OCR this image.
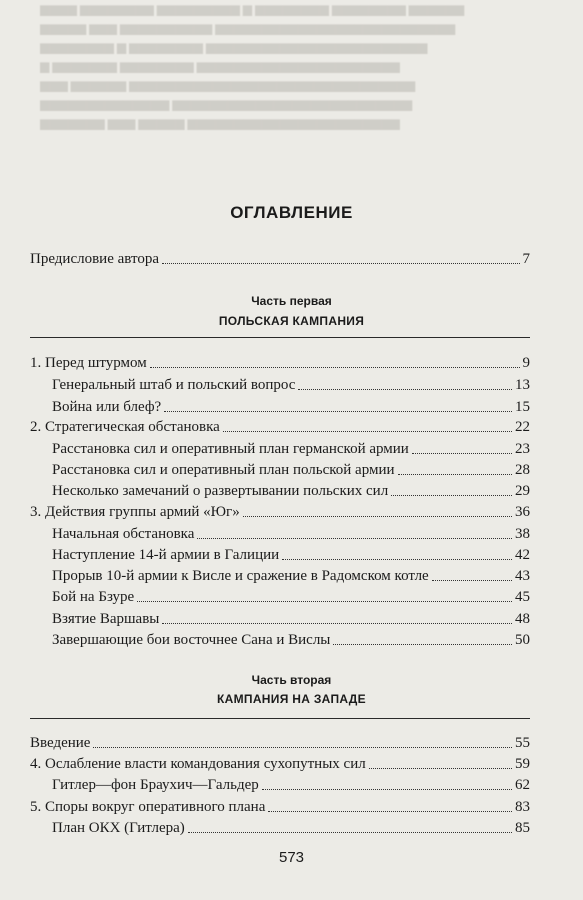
▆▆▆▆ ▆▆▆▆▆▆▆▆ ▆▆▆▆▆▆▆▆▆ ▆ ▆▆▆▆▆▆▆▆ ▆▆▆▆▆▆▆▆ ▆▆▆▆▆▆
▆▆▆▆▆ ▆▆▆ ▆▆▆▆▆▆▆▆▆▆ ▆▆▆▆▆▆▆▆▆▆▆▆▆▆▆▆▆▆▆▆▆▆▆▆▆▆
▆▆▆▆▆▆▆▆ ▆ ▆▆▆▆▆▆▆▆ ▆▆▆▆▆▆▆▆▆▆▆▆▆▆▆▆▆▆▆▆▆▆▆▆
▆ ▆▆▆▆▆▆▆ ▆▆▆▆▆▆▆▆ ▆▆▆▆▆▆▆▆▆▆▆▆▆▆▆▆▆▆▆▆▆▆
▆▆▆ ▆▆▆▆▆▆ ▆▆▆▆▆▆▆▆▆▆▆▆▆▆▆▆▆▆▆▆▆▆▆▆▆▆▆▆▆▆▆
▆▆▆▆▆▆▆▆▆▆▆▆▆▆ ▆▆▆▆▆▆▆▆▆▆▆▆▆▆▆▆▆▆▆▆▆▆▆▆▆▆
▆▆▆▆▆▆▆ ▆▆▆ ▆▆▆▆▆ ▆▆▆▆▆▆▆▆▆▆▆▆▆▆▆▆▆▆▆▆▆▆▆
ОГЛАВЛЕНИЕ
Предисловие автора	7
Часть первая
ПОЛЬСКАЯ КАМПАНИЯ
1. Перед штурмом	9
Генеральный штаб и польский вопрос	13
Война или блеф?	15
2. Стратегическая обстановка	22
Расстановка сил и оперативный план германской армии	23
Расстановка сил и оперативный план польской армии	28
Несколько замечаний о развертывании польских сил	29
3. Действия группы армий «Юг»	36
Начальная обстановка	38
Наступление 14-й армии в Галиции	42
Прорыв 10-й армии к Висле и сражение в Радомском котле	43
Бой на Бзуре	45
Взятие Варшавы	48
Завершающие бои восточнее Сана и Вислы	50
Часть вторая
КАМПАНИЯ НА ЗАПАДЕ
Введение	55
4. Ослабление власти командования сухопутных сил	59
Гитлер—фон Браухич—Гальдер	62
5. Споры вокруг оперативного плана	83
План ОКХ (Гитлера)	85
573
